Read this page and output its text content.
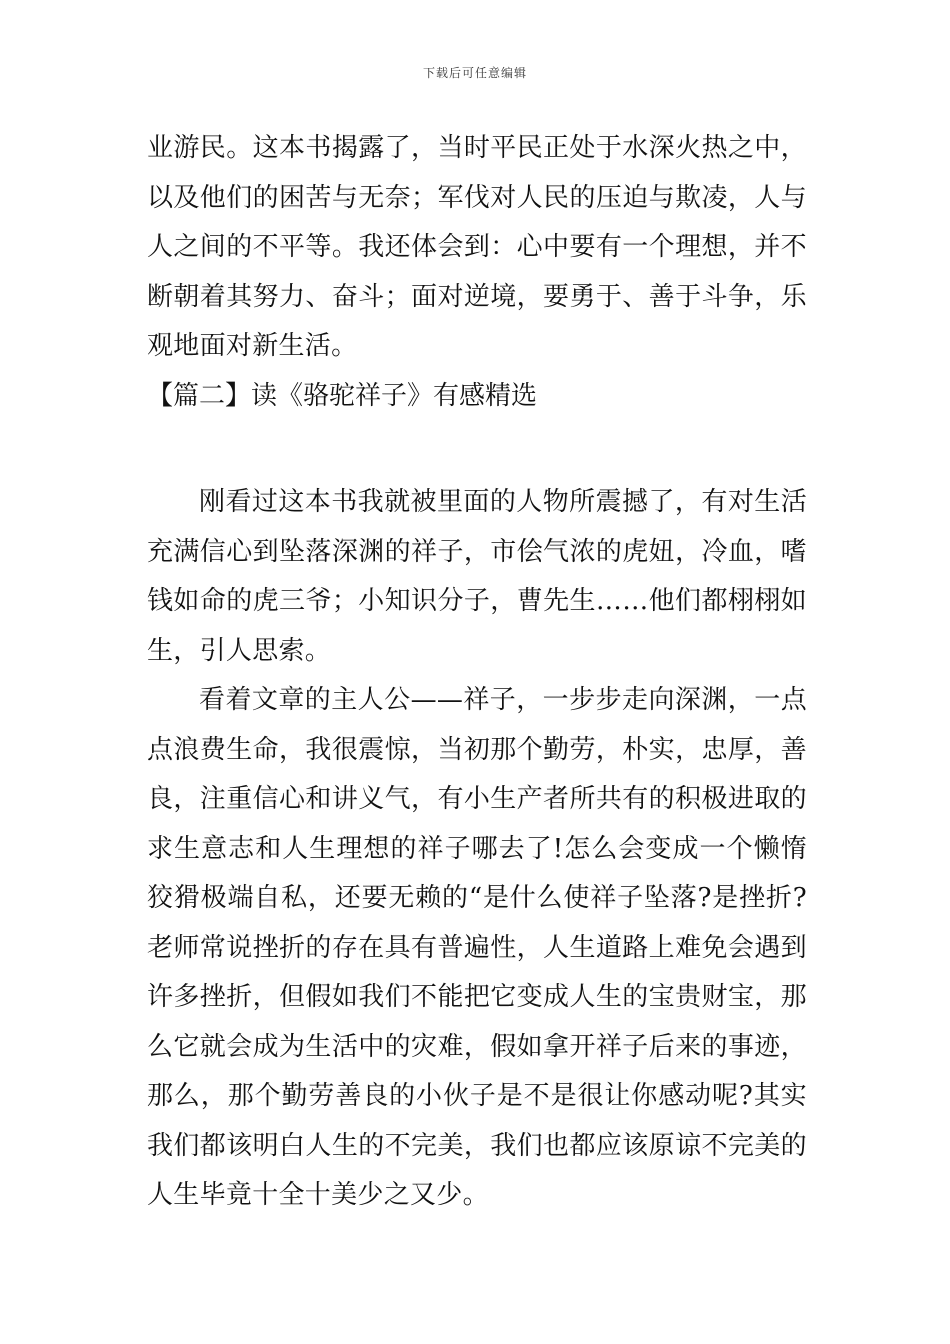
下载后可任意编辑

业游民。这本书揭露了，当时平民正处于水深火热之中，以及他们的困苦与无奈；军伐对人民的压迫与欺凌，人与人之间的不平等。我还体会到：心中要有一个理想，并不断朝着其努力、奋斗；面对逆境，要勇于、善于斗争，乐观地面对新生活。

【篇二】读《骆驼祥子》有感精选

刚看过这本书我就被里面的人物所震撼了，有对生活充满信心到坠落深渊的祥子，市侩气浓的虎妞，冷血，嗜钱如命的虎三爷；小知识分子，曹先生……他们都栩栩如生，引人思索。

看着文章的主人公——祥子，一步步走向深渊，一点点浪费生命，我很震惊，当初那个勤劳，朴实，忠厚，善良，注重信心和讲义气，有小生产者所共有的积极进取的求生意志和人生理想的祥子哪去了!怎么会变成一个懒惰狡猾极端自私，还要无赖的“是什么使祥子坠落?是挫折?老师常说挫折的存在具有普遍性，人生道路上难免会遇到许多挫折，但假如我们不能把它变成人生的宝贵财宝，那么它就会成为生活中的灾难，假如拿开祥子后来的事迹，那么，那个勤劳善良的小伙子是不是很让你感动呢?其实我们都该明白人生的不完美，我们也都应该原谅不完美的人生毕竟十全十美少之又少。
